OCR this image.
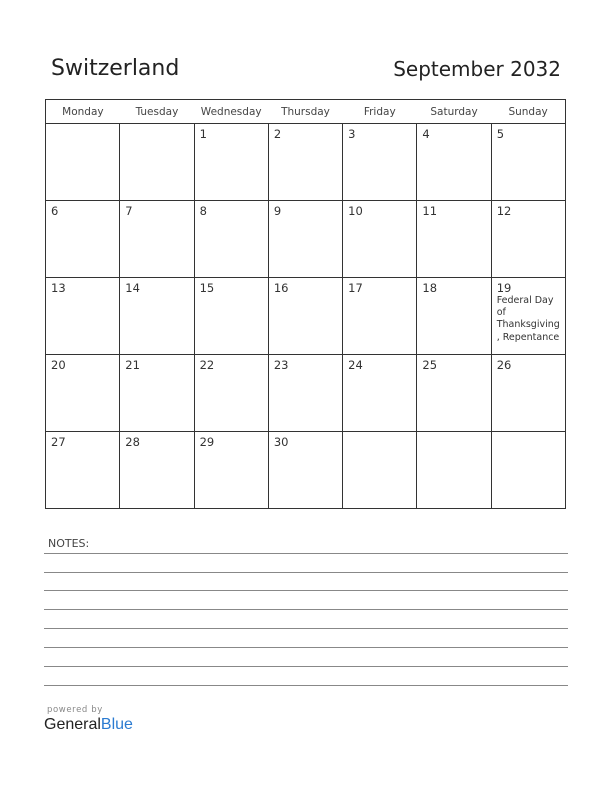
Switzerland	September 2032
Monday	Tuesday	Wednesday	Thursday	Friday	Saturday	Sunday

		1	2	3	4	5

6	7	8	9	10	11	12

13	14	15	16	17	18	19
Federal Day of Thanksgiving, Repentance

20	21	22	23	24	25	26

27	28	29	30			

NOTES:
powered by
GeneralBlue
